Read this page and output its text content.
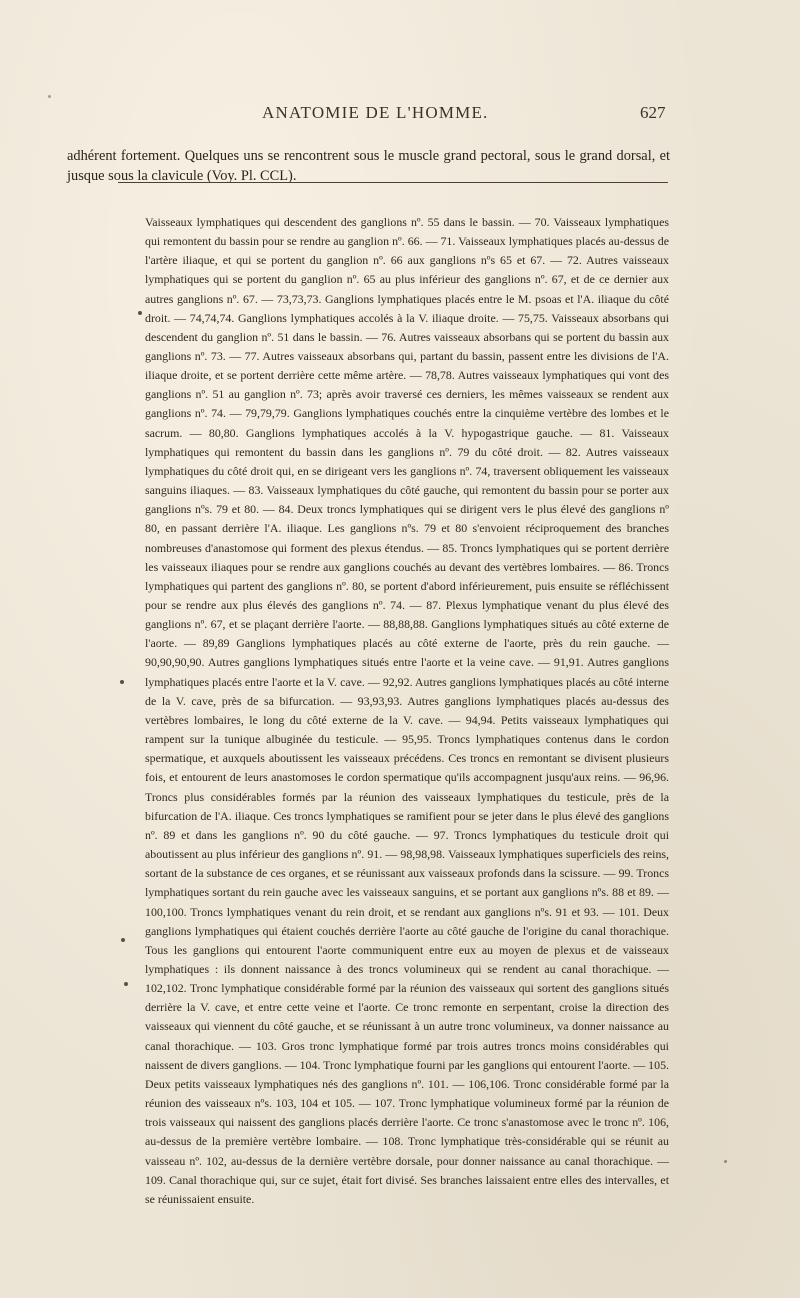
ANATOMIE DE L'HOMME.	627

adhérent fortement. Quelques uns se rencontrent sous le muscle grand pectoral, sous le grand dorsal, et jusque sous la clavicule (Voy. Pl. CCL).

Vaisseaux lymphatiques qui descendent des ganglions nº. 55 dans le bassin. — 70. Vaisseaux lymphatiques qui remontent du bassin pour se rendre au ganglion nº. 66. — 71. Vaisseaux lymphatiques placés au-dessus de l'artère iliaque, et qui se portent du ganglion nº. 66 aux ganglions nºs 65 et 67. — 72. Autres vaisseaux lymphatiques qui se portent du ganglion nº. 65 au plus inférieur des ganglions nº. 67, et de ce dernier aux autres ganglions nº. 67. — 73,73,73. Ganglions lymphatiques placés entre le M. psoas et l'A. iliaque du côté droit. — 74,74,74. Ganglions lymphatiques accolés à la V. iliaque droite. — 75,75. Vaisseaux absorbans qui descendent du ganglion nº. 51 dans le bassin. — 76. Autres vaisseaux absorbans qui se portent du bassin aux ganglions nº. 73. — 77. Autres vaisseaux absorbans qui, partant du bassin, passent entre les divisions de l'A. iliaque droite, et se portent derrière cette même artère. — 78,78. Autres vaisseaux lymphatiques qui vont des ganglions nº. 51 au ganglion nº. 73; après avoir traversé ces derniers, les mêmes vaisseaux se rendent aux ganglions nº. 74. — 79,79,79. Ganglions lymphatiques couchés entre la cinquième vertèbre des lombes et le sacrum. — 80,80. Ganglions lymphatiques accolés à la V. hypogastrique gauche. — 81. Vaisseaux lymphatiques qui remontent du bassin dans les ganglions nº. 79 du côté droit. — 82. Autres vaisseaux lymphatiques du côté droit qui, en se dirigeant vers les ganglions nº. 74, traversent obliquement les vaisseaux sanguins iliaques. — 83. Vaisseaux lymphatiques du côté gauche, qui remontent du bassin pour se porter aux ganglions nºs. 79 et 80. — 84. Deux troncs lymphatiques qui se dirigent vers le plus élevé des ganglions nº 80, en passant derrière l'A. iliaque. Les ganglions nºs. 79 et 80 s'envoient réciproquement des branches nombreuses d'anastomose qui forment des plexus étendus. — 85. Troncs lymphatiques qui se portent derrière les vaisseaux iliaques pour se rendre aux ganglions couchés au devant des vertèbres lombaires. — 86. Troncs lymphatiques qui partent des ganglions nº. 80, se portent d'abord inférieurement, puis ensuite se réfléchissent pour se rendre aux plus élevés des ganglions nº. 74. — 87. Plexus lymphatique venant du plus élevé des ganglions nº. 67, et se plaçant derrière l'aorte. — 88,88,88. Ganglions lymphatiques situés au côté externe de l'aorte. — 89,89 Ganglions lymphatiques placés au côté externe de l'aorte, près du rein gauche. — 90,90,90,90. Autres ganglions lymphatiques situés entre l'aorte et la veine cave. — 91,91. Autres ganglions lymphatiques placés entre l'aorte et la V. cave. — 92,92. Autres ganglions lymphatiques placés au côté interne de la V. cave, près de sa bifurcation. — 93,93,93. Autres ganglions lymphatiques placés au-dessus des vertèbres lombaires, le long du côté externe de la V. cave. — 94,94. Petits vaisseaux lymphatiques qui rampent sur la tunique albuginée du testicule. — 95,95. Troncs lymphatiques contenus dans le cordon spermatique, et auxquels aboutissent les vaisseaux précédens. Ces troncs en remontant se divisent plusieurs fois, et entourent de leurs anastomoses le cordon spermatique qu'ils accompagnent jusqu'aux reins. — 96,96. Troncs plus considérables formés par la réunion des vaisseaux lymphatiques du testicule, près de la bifurcation de l'A. iliaque. Ces troncs lymphatiques se ramifient pour se jeter dans le plus élevé des ganglions nº. 89 et dans les ganglions nº. 90 du côté gauche. — 97. Troncs lymphatiques du testicule droit qui aboutissent au plus inférieur des ganglions nº. 91. — 98,98,98. Vaisseaux lymphatiques superficiels des reins, sortant de la substance de ces organes, et se réunissant aux vaisseaux profonds dans la scissure. — 99. Troncs lymphatiques sortant du rein gauche avec les vaisseaux sanguins, et se portant aux ganglions nºs. 88 et 89. — 100,100. Troncs lymphatiques venant du rein droit, et se rendant aux ganglions nºs. 91 et 93. — 101. Deux ganglions lymphatiques qui étaient couchés derrière l'aorte au côté gauche de l'origine du canal thorachique. Tous les ganglions qui entourent l'aorte communiquent entre eux au moyen de plexus et de vaisseaux lymphatiques : ils donnent naissance à des troncs volumineux qui se rendent au canal thorachique. — 102,102. Tronc lymphatique considérable formé par la réunion des vaisseaux qui sortent des ganglions situés derrière la V. cave, et entre cette veine et l'aorte. Ce tronc remonte en serpentant, croise la direction des vaisseaux qui viennent du côté gauche, et se réunissant à un autre tronc volumineux, va donner naissance au canal thorachique. — 103. Gros tronc lymphatique formé par trois autres troncs moins considérables qui naissent de divers ganglions. — 104. Tronc lymphatique fourni par les ganglions qui entourent l'aorte. — 105. Deux petits vaisseaux lymphatiques nés des ganglions nº. 101. — 106,106. Tronc considérable formé par la réunion des vaisseaux nºs. 103, 104 et 105. — 107. Tronc lymphatique volumineux formé par la réunion de trois vaisseaux qui naissent des ganglions placés derrière l'aorte. Ce tronc s'anastomose avec le tronc nº. 106, au-dessus de la première vertèbre lombaire. — 108. Tronc lymphatique très-considérable qui se réunit au vaisseau nº. 102, au-dessus de la dernière vertèbre dorsale, pour donner naissance au canal thorachique. — 109. Canal thorachique qui, sur ce sujet, était fort divisé. Ses branches laissaient entre elles des intervalles, et se réunissaient ensuite.
